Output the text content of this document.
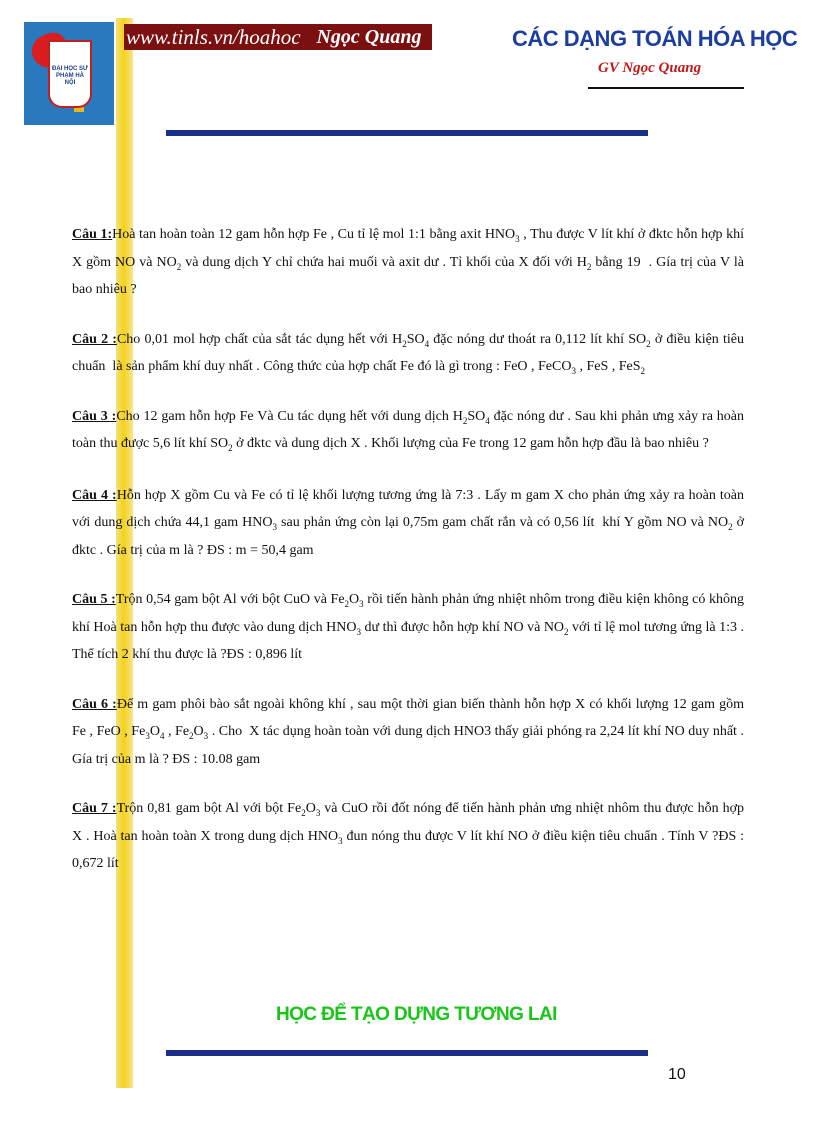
ĐẠI HỌC SƯ PHẠM HÀ NỘI
www.tinls.vn/hoahoc Ngọc Quang	CÁC DẠNG TOÁN HÓA HỌC
GV Ngọc Quang

Câu 1:Hoà tan hoàn toàn 12 gam hỗn hợp Fe , Cu tỉ lệ mol 1:1 bằng axit $HNO_3$ , Thu được V lít khí ở đktc hỗn hợp khí X gồm NO và $NO_2$ và dung dịch Y chỉ chứa hai muối và axit dư . Tỉ khối của X đối với $H_2$ bằng 19  . Gía trị của V là bao nhiêu ?

Câu 2 :Cho 0,01 mol hợp chất của sắt tác dụng hết với $H_2SO_4$ đặc nóng dư thoát ra 0,112 lít khí $SO_2$ ở điều kiện tiêu chuẩn  là sản phẩm khí duy nhất . Công thức của hợp chất Fe đó là gì trong : FeO , FeCO$_3$ , FeS , FeS$_2$

Câu 3 :Cho 12 gam hỗn hợp Fe Và Cu tác dụng hết với dung dịch $H_2SO_4$ đặc nóng dư . Sau khi phản ưng xảy ra hoàn toàn thu được 5,6 lít khí $SO_2$ ở đktc và dung dịch X . Khối lượng của Fe trong 12 gam hỗn hợp đầu là bao nhiêu ?

Câu 4 :Hỗn hợp X gồm Cu và Fe có tỉ lệ khối lượng tương ứng là 7:3 . Lấy m gam X cho phản ứng xảy ra hoàn toàn với dung dịch chứa 44,1 gam $HNO_3$ sau phản ứng còn lại 0,75m gam chất rắn và có 0,56 lít  khí Y gồm NO và $NO_2$ ở đktc . Gía trị của m là ? ĐS : m = 50,4 gam

Câu 5 :Trộn 0,54 gam bột Al với bột CuO và $Fe_2O_3$ rồi tiến hành phản ứng nhiệt nhôm trong điều kiện không có không khí Hoà tan hỗn hợp thu được vào dung dịch $HNO_3$ dư thì được hỗn hợp khí NO và $NO_2$ với tỉ lệ mol tương ứng là 1:3 . Thể tích 2 khí thu được là ?ĐS : 0,896 lít

Câu 6 :Để m gam phôi bào sắt ngoài không khí , sau một thời gian biến thành hỗn hợp X có khối lượng 12 gam gồm Fe , FeO , $Fe_3O_4$ , $Fe_2O_3$ . Cho  X tác dụng hoàn toàn với dung dịch HNO3 thấy giải phóng ra 2,24 lít khí NO duy nhất . Gía trị của m là ? ĐS : 10.08 gam

Câu 7 :Trộn 0,81 gam bột Al với bột $Fe_2O_3$ và CuO rồi đốt nóng để tiến hành phản ưng nhiệt nhôm thu được hỗn hợp X . Hoà tan hoàn toàn X trong dung dịch $HNO_3$ đun nóng thu được V lít khí NO ở điều kiện tiêu chuẩn . Tính V ?ĐS : 0,672 lít

HỌC ĐỂ TẠO DỰNG TƯƠNG LAI
10
